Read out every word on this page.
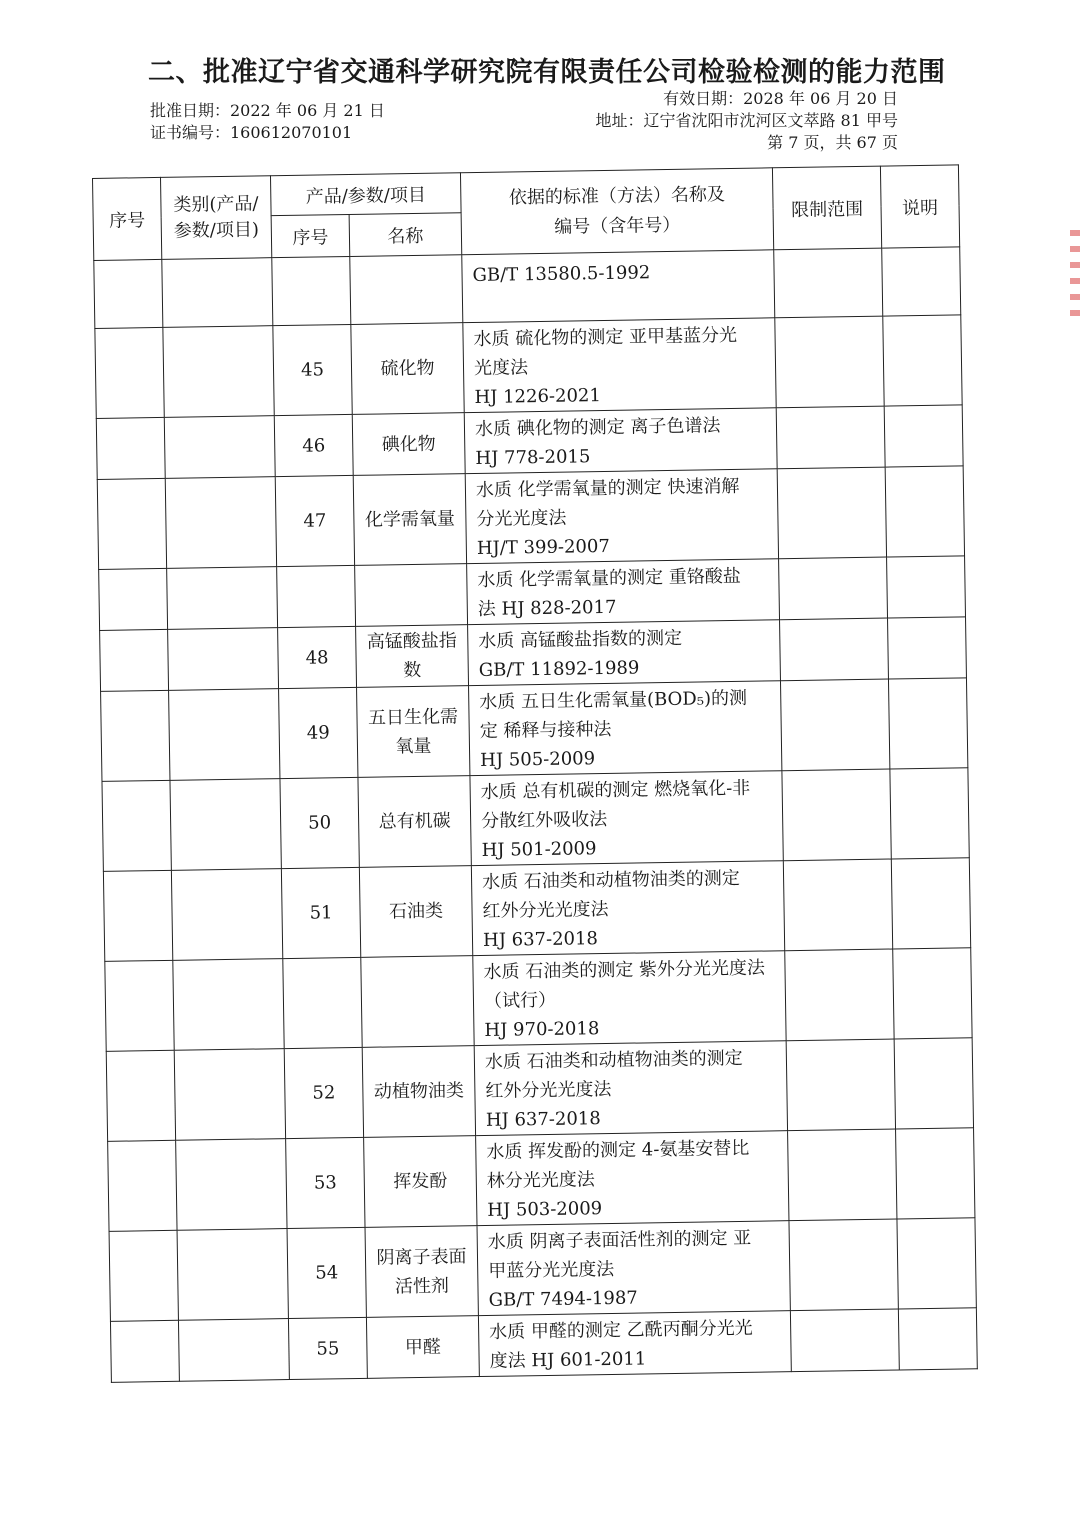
二、批准辽宁省交通科学研究院有限责任公司检验检测的能力范围
批准日期：2022 年 06 月 21 日
证书编号：160612070101
有效日期：2028 年 06 月 20 日
地址：辽宁省沈阳市沈河区文萃路 81 甲号
第 7 页，共 67 页
序号	类别(产品/参数/项目)	产品/参数/项目		依据的标准（方法）名称及编号（含年号）	限制范围	说明
		序号	名称			

				GB/T 13580.5-1992		

		45	硫化物	水质 硫化物的测定 亚甲基蓝分光
光度法
HJ 1226-2021		

		46	碘化物	水质 碘化物的测定 离子色谱法
HJ 778-2015		

		47	化学需氧量	水质 化学需氧量的测定 快速消解
分光光度法
HJ/T 399-2007		

				水质 化学需氧量的测定 重铬酸盐
法 HJ 828-2017		

		48	高锰酸盐指数	水质 高锰酸盐指数的测定
GB/T 11892-1989		

		49	五日生化需氧量	水质 五日生化需氧量(BOD₅)的测
定 稀释与接种法
HJ 505-2009		

		50	总有机碳	水质 总有机碳的测定 燃烧氧化-非
分散红外吸收法
HJ 501-2009		

		51	石油类	水质 石油类和动植物油类的测定
红外分光光度法
HJ 637-2018		

				水质 石油类的测定 紫外分光光度法
（试行）
HJ 970-2018		

		52	动植物油类	水质 石油类和动植物油类的测定
红外分光光度法
HJ 637-2018		

		53	挥发酚	水质 挥发酚的测定 4-氨基安替比
林分光光度法
HJ 503-2009		

		54	阴离子表面活性剂	水质 阴离子表面活性剂的测定 亚
甲蓝分光光度法
GB/T 7494-1987		

		55	甲醛	水质 甲醛的测定 乙酰丙酮分光光
度法 HJ 601-2011		
